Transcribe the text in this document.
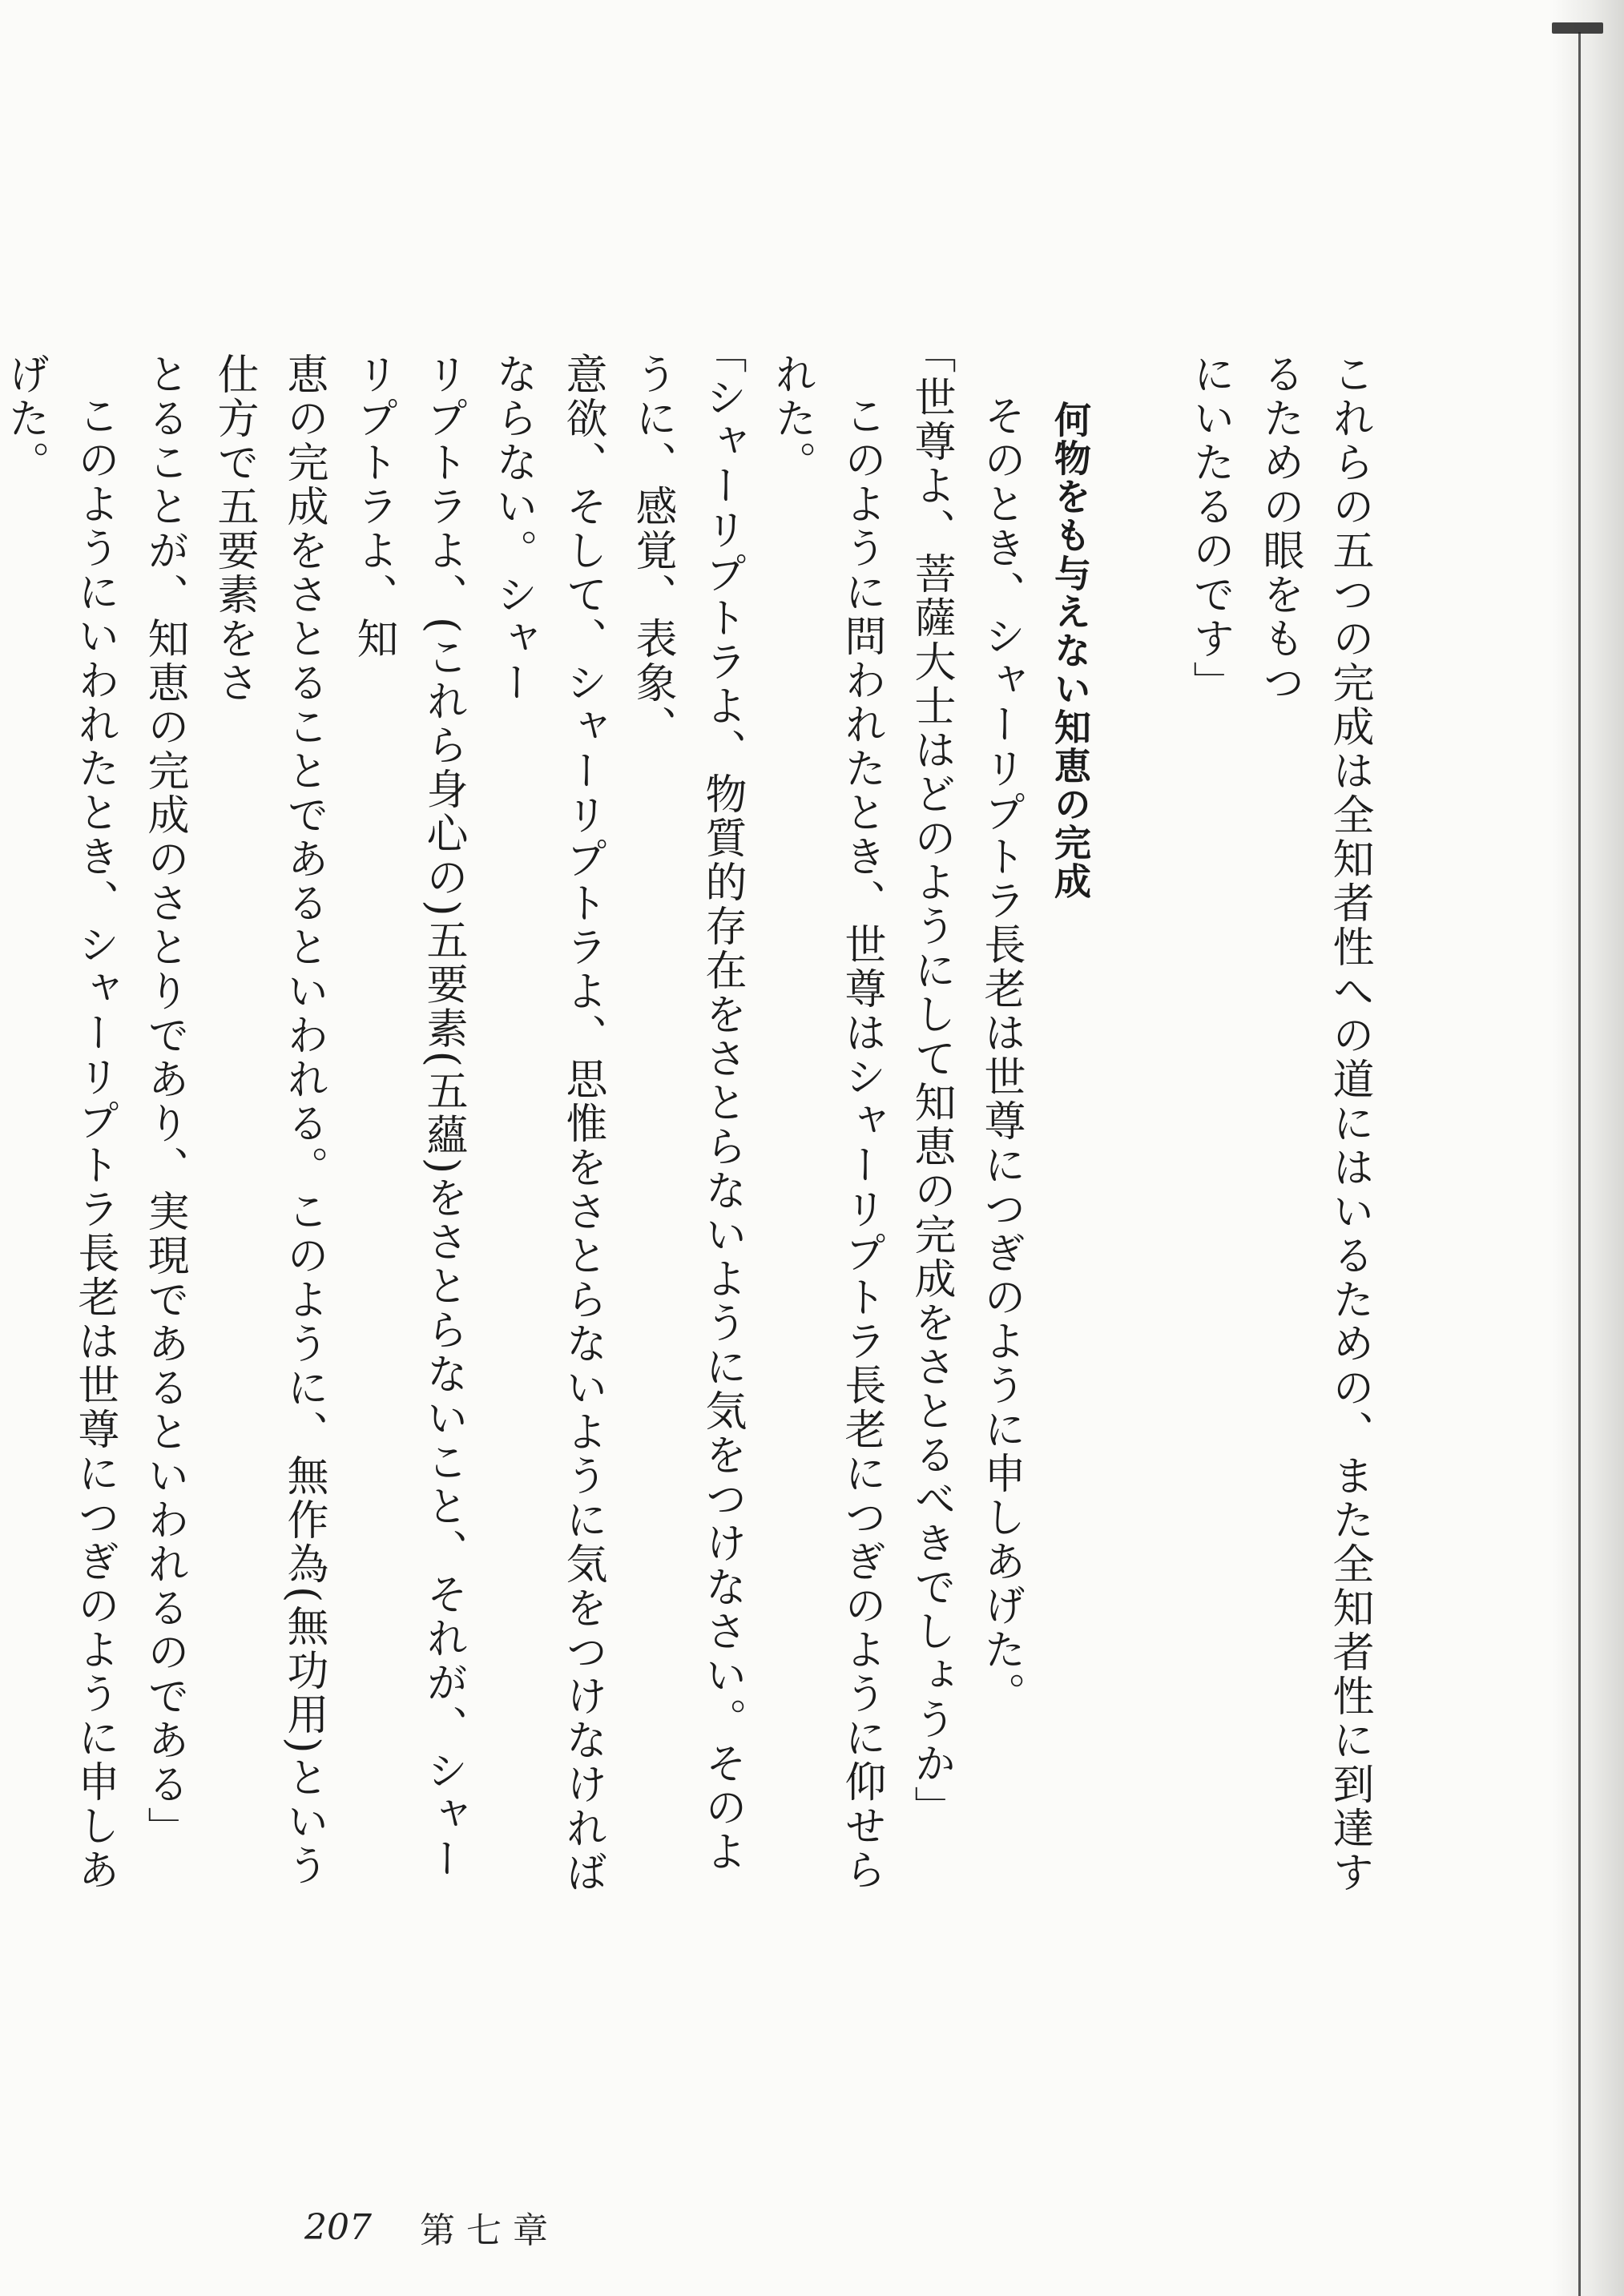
これらの五つの完成は全知者性への道にはいるための、また全知者性に到達するための眼をもつ
にいたるのです」

何物をも与えない知恵の完成

そのとき、シャーリプトラ長老は世尊につぎのように申しあげた。

「世尊よ、菩薩大士はどのようにして知恵の完成をさとるべきでしょうか」

このように問われたとき、世尊はシャーリプトラ長老につぎのように仰せられた。

「シャーリプトラよ、物質的存在をさとらないように気をつけなさい。そのように、感覚、表象、
意欲、そして、シャーリプトラよ、思惟をさとらないように気をつけなければならない。シャー
リプトラよ、(これら身心の)五要素(五蘊)をさとらないこと、それが、シャーリプトラよ、知
恵の完成をさとることであるといわれる。このように、無作為(無功用)という仕方で五要素をさ
とることが、知恵の完成のさとりであり、実現であるといわれるのである」

このようにいわれたとき、シャーリプトラ長老は世尊につぎのように申しあげた。

207 第七章
